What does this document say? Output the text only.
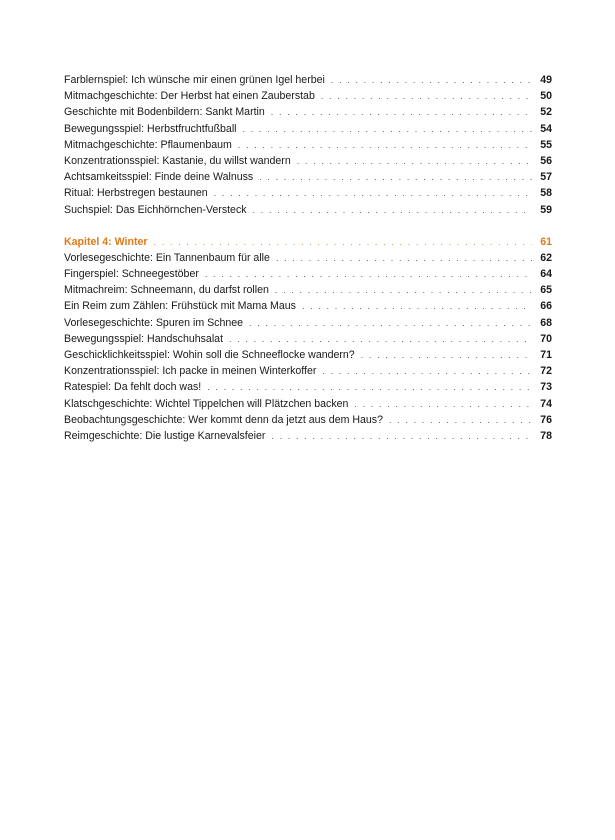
Farblernspiel: Ich wünsche mir einen grünen Igel herbei . . .	49
Mitmachgeschichte: Der Herbst hat einen Zauberstab . . .	50
Geschichte mit Bodenbildern: Sankt Martin . . .	52
Bewegungsspiel: Herbstfruchtfußball . . .	54
Mitmachgeschichte: Pflaumenbaum . . .	55
Konzentrationsspiel: Kastanie, du willst wandern . . .	56
Achtsamkeitsspiel: Finde deine Walnuss . . .	57
Ritual: Herbstregen bestaunen . . .	58
Suchspiel: Das Eichhörnchen-Versteck . . .	59
Kapitel 4: Winter . . .	61
Vorlesegeschichte: Ein Tannenbaum für alle . . .	62
Fingerspiel: Schneegestöber . . .	64
Mitmachreim: Schneemann, du darfst rollen . . .	65
Ein Reim zum Zählen: Frühstück mit Mama Maus . . .	66
Vorlesegeschichte: Spuren im Schnee . . .	68
Bewegungsspiel: Handschuhsalat . . .	70
Geschicklichkeitsspiel: Wohin soll die Schneeflocke wandern? . . .	71
Konzentrationsspiel: Ich packe in meinen Winterkoffer . . .	72
Ratespiel: Da fehlt doch was! . . .	73
Klatschgeschichte: Wichtel Tippelchen will Plätzchen backen . . .	74
Beobachtungsgeschichte: Wer kommt denn da jetzt aus dem Haus? . . .	76
Reimgeschichte: Die lustige Karnevalsfeier . . .	78
